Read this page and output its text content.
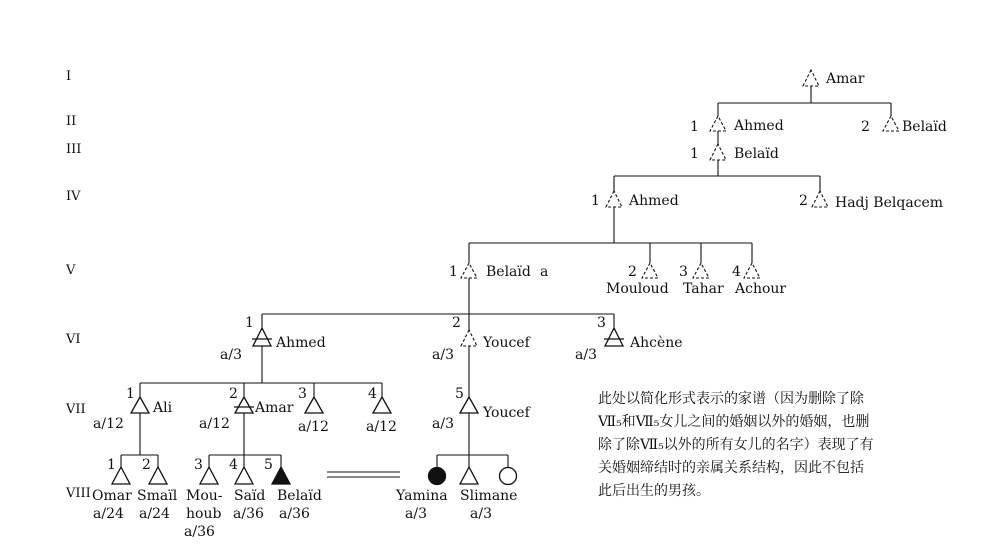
I
II
III
IV
V
VI
VII
VIII
Amar
1	Ahmed	2 Belaïd
1	Belaïd
1 Ahmed	2 Hadj Belqacem
1 Belaïd a	2
Mouloud
3
Tahar
4
Achour
1
Ahmed
a/3
2
Youcef
a/3
3
Ahcène
a/3
1
Ali
a/12
2
Amar
a/12
3
a/12
4
a/12
5
Youcef
a/3
1
Omar
a/24
2
Smaïl
a/24
3
Mou-
houb
a/36
4
Saïd
a/36
5
Belaïd
a/36
Yamina
a/3
Slimane
a/3
此处以简化形式表示的家谱（因为删除了除
Ⅶ₅和Ⅶ₅女儿之间的婚姻以外的婚姻，也删
除了除Ⅶ₅以外的所有女儿的名字）表现了有
关婚姻缔结时的亲属关系结构，因此不包括
此后出生的男孩。
